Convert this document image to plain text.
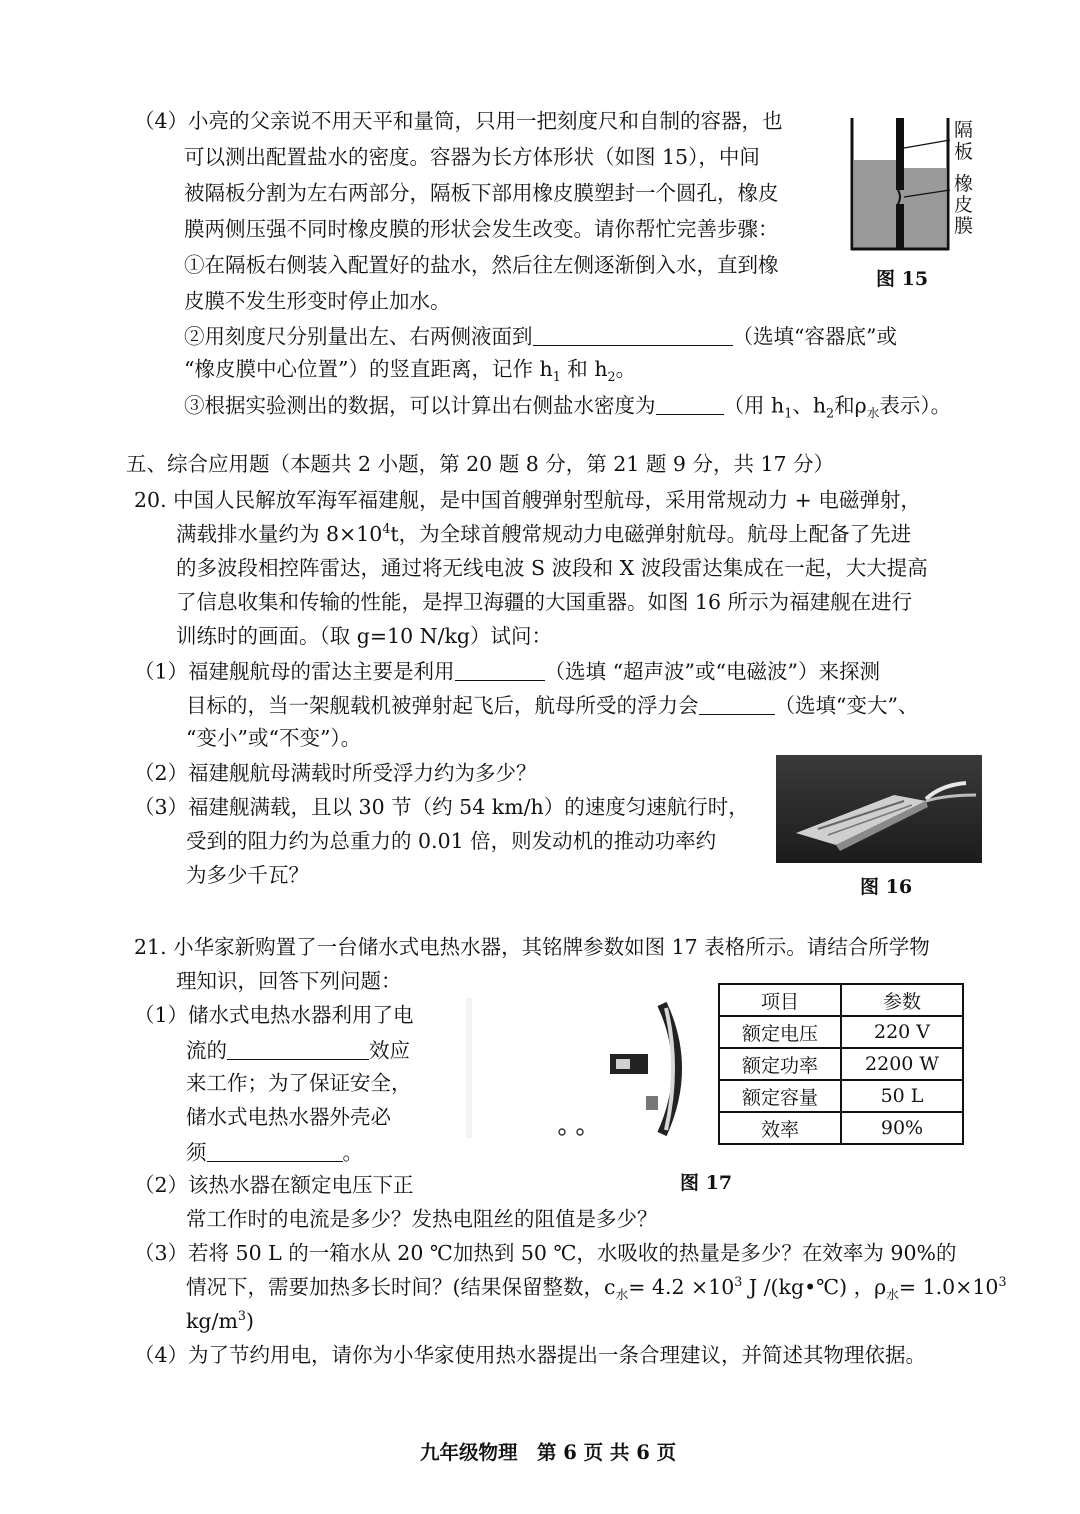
（4）小亮的父亲说不用天平和量筒，只用一把刻度尺和自制的容器，也
可以测出配置盐水的密度。容器为长方体形状（如图 15），中间
被隔板分割为左右两部分，隔板下部用橡皮膜塑封一个圆孔，橡皮
膜两侧压强不同时橡皮膜的形状会发生改变。请你帮忙完善步骤：
①在隔板右侧装入配置好的盐水，然后往左侧逐渐倒入水，直到橡
皮膜不发生形变时停止加水。
②用刻度尺分别量出左、右两侧液面到	（选填“容器底”或
“橡皮膜中心位置”）的竖直距离，记作 $h_1$ 和 $h_2$。
③根据实验测出的数据，可以计算出右侧盐水密度为	（用 $h_1$、$h_2$和$\rho_水$表示）。
隔
板
橡
皮
膜
图 15
五、综合应用题（本题共 2 小题，第 20 题 8 分，第 21 题 9 分，共 17 分）
20. 中国人民解放军海军福建舰，是中国首艘弹射型航母，采用常规动力 + 电磁弹射，
满载排水量约为 $8\times 10^4t$，为全球首艘常规动力电磁弹射航母。航母上配备了先进
的多波段相控阵雷达，通过将无线电波 S 波段和 X 波段雷达集成在一起，大大提高
了信息收集和传输的性能，是捍卫海疆的大国重器。如图 16 所示为福建舰在进行
训练时的画面。（取 g=10 N/kg）试问：
（1）福建舰航母的雷达主要是利用	（选填 “超声波”或“电磁波”）来探测
目标的，当一架舰载机被弹射起飞后，航母所受的浮力会	（选填“变大”、
“变小”或“不变”）。
（2）福建舰航母满载时所受浮力约为多少？
（3）福建舰满载，且以 30 节（约 54 km/h）的速度匀速航行时，
受到的阻力约为总重力的 0.01 倍，则发动机的推动功率约
为多少千瓦？	图 16
21. 小华家新购置了一台储水式电热水器，其铭牌参数如图 17 表格所示。请结合所学物
理知识，回答下列问题：
（1）储水式电热水器利用了电
流的	效应
来工作；为了保证安全，
储水式电热水器外壳必
须	。
（2）该热水器在额定电压下正
常工作时的电流是多少？发热电阻丝的阻值是多少？
（3）若将 50 L 的一箱水从 20 ℃加热到 50 ℃，水吸收的热量是多少？在效率为 90%的
情况下，需要加热多长时间？(结果保留整数，$c_水= 4.2 \times 10^3$ J /(kg•℃) ，$\rho_水= 1.0\times 10^3$
$kg/m^3$)
（4）为了节约用电，请你为小华家使用热水器提出一条合理建议，并简述其物理依据。
项目	参数
额定电压	220 V
额定功率	2200 W
额定容量	50 L
效率	90%
图 17
九年级物理　第 6 页 共 6 页
